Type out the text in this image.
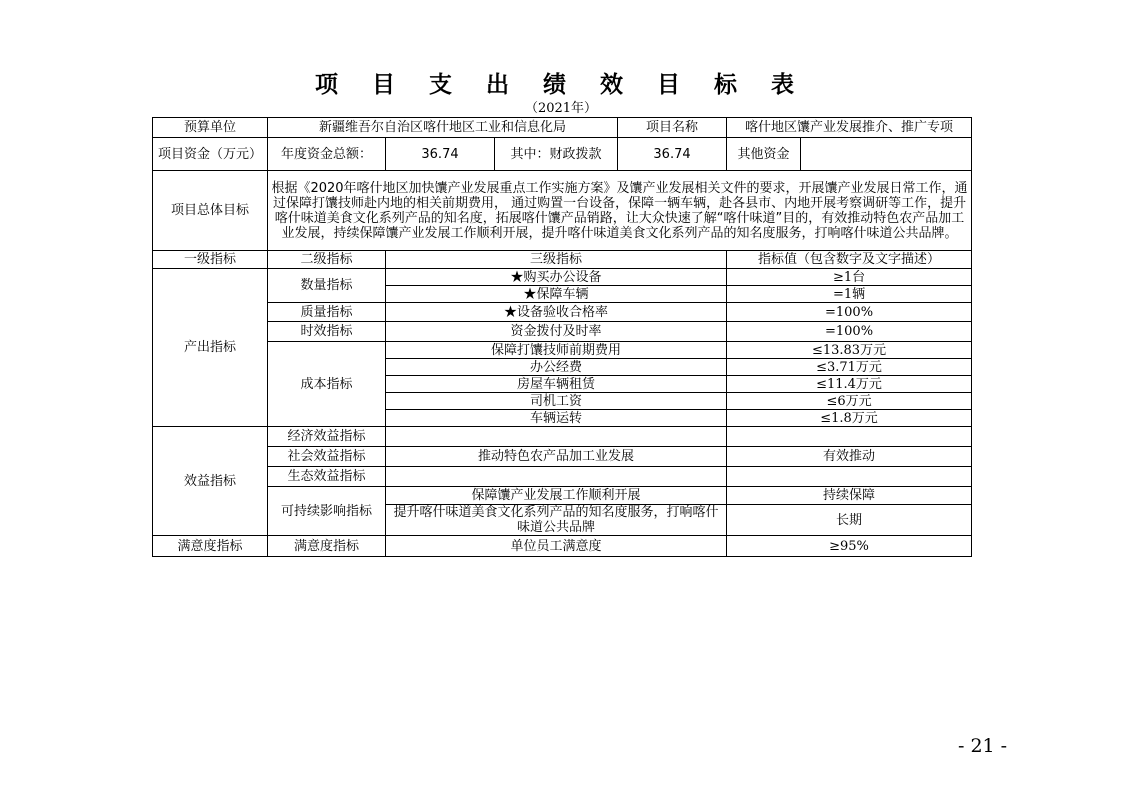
项 目 支 出 绩 效 目 标 表
（2021年）
预算单位	新疆维吾尔自治区喀什地区工业和信息化局			项目名称	喀什地区馕产业发展推介、推广专项	
项目资金（万元）	年度资金总额：	36.74	其中：财政拨款	36.74	其他资金	
项目总体目标	根据《2020年喀什地区加快馕产业发展重点工作实施方案》及馕产业发展相关文件的要求，开展馕产业发展日常工作，通过保障打馕技师赴内地的相关前期费用， 通过购置一台设备，保障一辆车辆，赴各县市、内地开展考察调研等工作，提升喀什味道美食文化系列产品的知名度，拓展喀什馕产品销路，让大众快速了解“喀什味道”目的，有效推动特色农产品加工业发展，持续保障馕产业发展工作顺利开展，提升喀什味道美食文化系列产品的知名度服务，打响喀什味道公共品牌。					
一级指标	二级指标	三级指标			指标值（包含数字及文字描述）	
产出指标	数量指标	★购买办公设备			≥1台	
		★保障车辆			=1辆	
	质量指标	★设备验收合格率			=100%	
	时效指标	资金拨付及时率			=100%	
	成本指标	保障打馕技师前期费用			≤13.83万元	
		办公经费			≤3.71万元	
		房屋车辆租赁			≤11.4万元	
		司机工资			≤6万元	
		车辆运转			≤1.8万元	
效益指标	经济效益指标					
	社会效益指标	推动特色农产品加工业发展			有效推动	
	生态效益指标					
	可持续影响指标	保障馕产业发展工作顺利开展			持续保障	
		提升喀什味道美食文化系列产品的知名度服务，打响喀什味道公共品牌			长期	
满意度指标	满意度指标	单位员工满意度			≥95%	
- 21 -
